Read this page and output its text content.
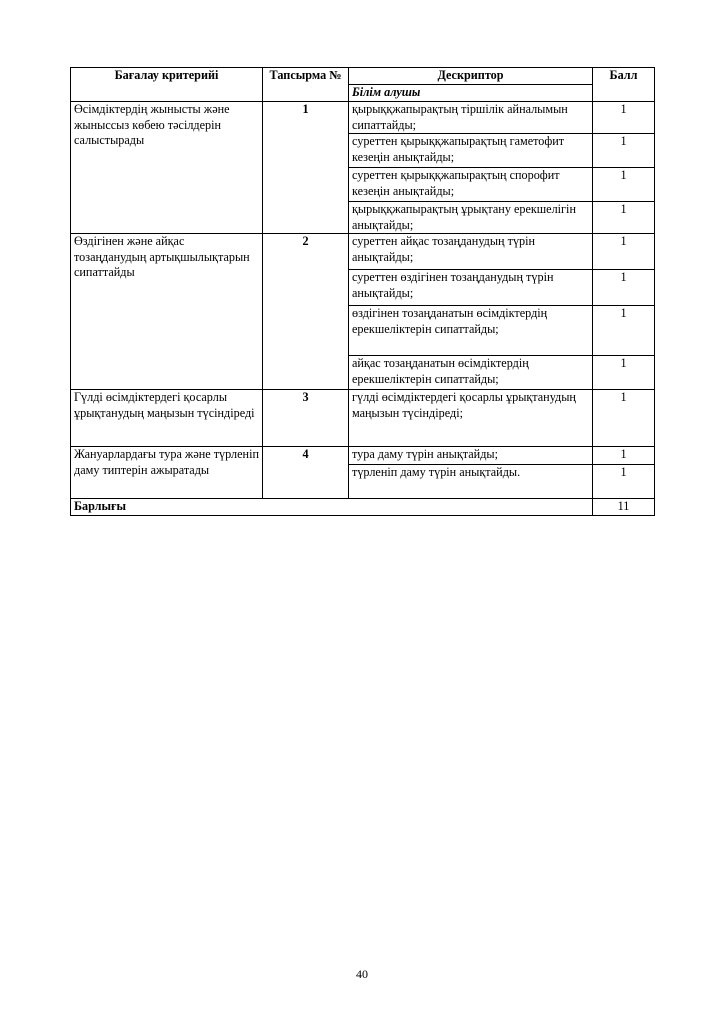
Бағалау критерийі	Тапсырма №	Дескриптор	Балл
		Білім алушы	
Өсімдіктердің жынысты және жыныссыз көбею тәсілдерін салыстырады	1	қырыққжапырақтың тіршілік айналымын сипаттайды;	1
		суреттен қырыққжапырақтың гаметофит кезеңін анықтайды;	1
		суреттен қырыққжапырақтың спорофит кезеңін анықтайды;	1
		қырыққжапырақтың ұрықтану ерекшелігін анықтайды;	1
Өздігінен және айқас тозаңданудың артықшылықтарын сипаттайды	2	суреттен айқас тозаңданудың түрін анықтайды;	1
		суреттен өздігінен тозаңданудың түрін анықтайды;	1
		өздігінен тозаңданатын өсімдіктердің ерекшеліктерін сипаттайды;	1
		айқас тозаңданатын өсімдіктердің ерекшеліктерін сипаттайды;	1
Гүлді өсімдіктердегі қосарлы ұрықтанудың маңызын түсіндіреді	3	гүлді өсімдіктердегі қосарлы ұрықтанудың маңызын түсіндіреді;	1
Жануарлардағы тура және түрленіп даму типтерін ажыратады	4	тура даму түрін анықтайды;	1
		түрленіп даму түрін анықтайды.	1
Барлығы			11
40
